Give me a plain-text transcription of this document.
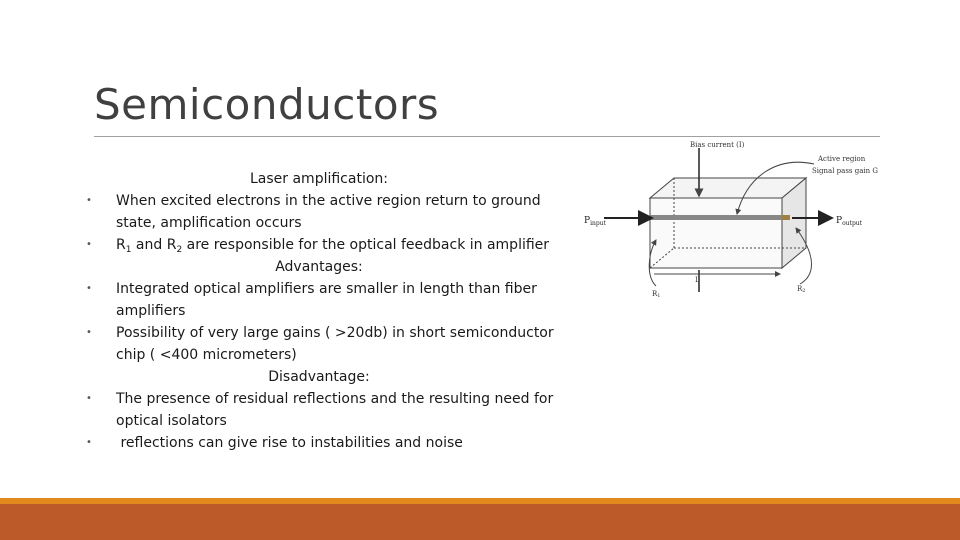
Semiconductors
Laser amplification:
• When excited electrons in the active region return to ground state, amplification occurs
• $R_1$ and $R_2$ are responsible for the optical feedback in amplifier
Advantages:
• Integrated optical amplifiers are smaller in length than fiber amplifiers
• Possibility of very large gains ( >20db) in short semiconductor chip ( <400 micrometers)
Disadvantage:
• The presence of residual reflections and the resulting need for optical isolators
• reflections can give rise to instabilities and noise
Bias current (I)
Active region
Signal pass gain G
$P_{input}$	$P_{output}$
L
R1
R2
